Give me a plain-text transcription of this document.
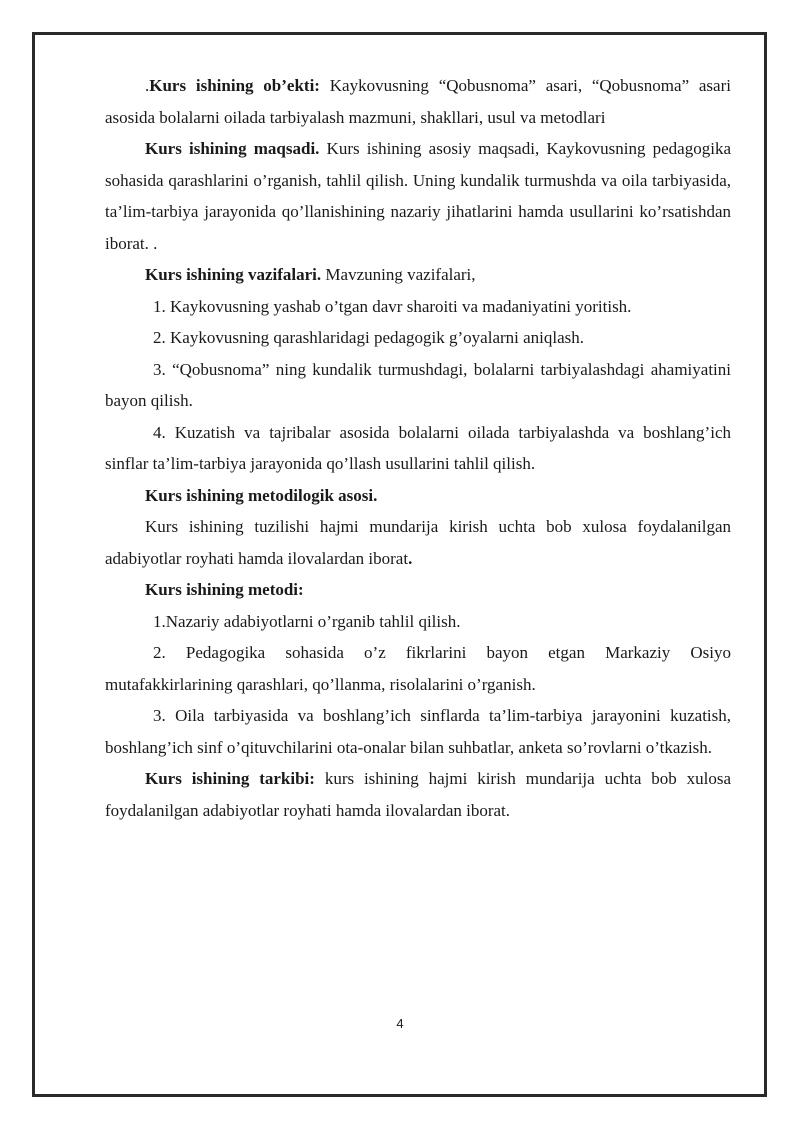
.Kurs ishining ob’ekti: Kaykovusning “Qobusnoma” asari, “Qobusnoma” asari asosida bolalarni oilada tarbiyalash mazmuni, shakllari, usul va metodlari

Kurs ishining maqsadi. Kurs ishining asosiy maqsadi, Kaykovusning pedagogika sohasida qarashlarini o’rganish, tahlil qilish. Uning kundalik turmushda va oila tarbiyasida, ta’lim-tarbiya jarayonida qo’llanishining nazariy jihatlarini hamda usullarini ko’rsatishdan iborat. .

Kurs ishining vazifalari. Mavzuning vazifalari,

1. Kaykovusning yashab o’tgan davr sharoiti va madaniyatini yoritish.

2. Kaykovusning qarashlaridagi pedagogik g’oyalarni aniqlash.

3. “Qobusnoma” ning kundalik turmushdagi, bolalarni tarbiyalashdagi ahamiyatini bayon qilish.

4. Kuzatish va tajribalar asosida bolalarni oilada tarbiyalashda va boshlang’ich sinflar ta’lim-tarbiya jarayonida qo’llash usullarini tahlil qilish.

Kurs ishining metodilogik asosi.

Kurs ishining tuzilishi hajmi mundarija kirish uchta bob xulosa foydalanilgan adabiyotlar royhati hamda ilovalardan iborat.

Kurs ishining metodi:

1.Nazariy adabiyotlarni o’rganib tahlil qilish.

2. Pedagogika sohasida o’z fikrlarini bayon etgan Markaziy Osiyo mutafakkirlarining qarashlari, qo’llanma, risolalarini o’rganish.

3. Oila tarbiyasida va boshlang’ich sinflarda ta’lim-tarbiya jarayonini kuzatish, boshlang’ich sinf o’qituvchilarini ota-onalar bilan suhbatlar, anketa so’rovlarni o’tkazish.

Kurs ishining tarkibi: kurs ishining hajmi kirish mundarija uchta bob xulosa foydalanilgan adabiyotlar royhati hamda ilovalardan iborat.

4
